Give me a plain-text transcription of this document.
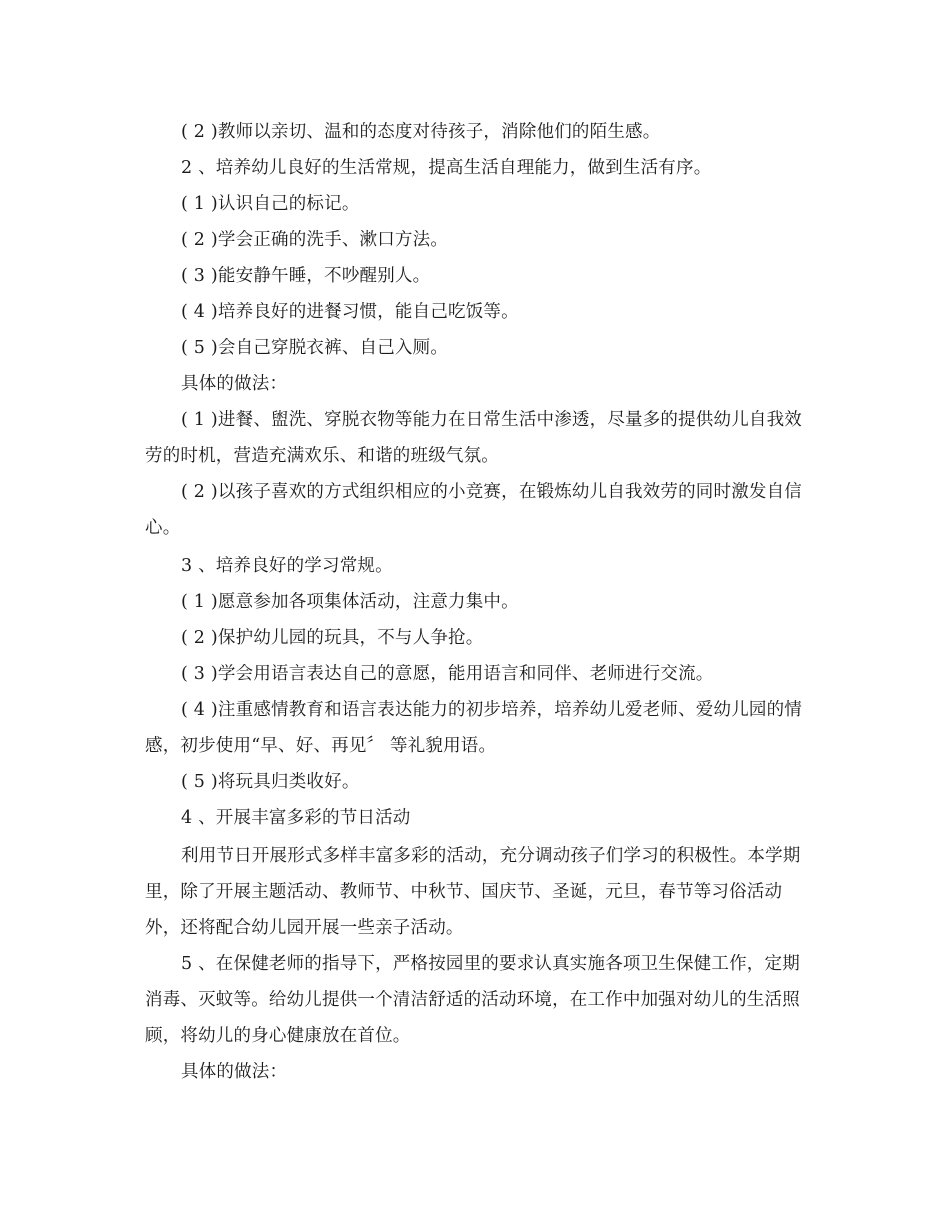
( 2 )教师以亲切、温和的态度对待孩子，消除他们的陌生感。

2 、培养幼儿良好的生活常规，提高生活自理能力，做到生活有序。

( 1 )认识自己的标记。

( 2 )学会正确的洗手、漱口方法。

( 3 )能安静午睡，不吵醒别人。

( 4 )培养良好的进餐习惯，能自己吃饭等。

( 5 )会自己穿脱衣裤、自己入厕。

具体的做法：

( 1 )进餐、盥洗、穿脱衣物等能力在日常生活中渗透，尽量多的提供幼儿自我效劳的时机，营造充满欢乐、和谐的班级气氛。

( 2 )以孩子喜欢的方式组织相应的小竞赛，在锻炼幼儿自我效劳的同时激发自信心。

3 、培养良好的学习常规。

( 1 )愿意参加各项集体活动，注意力集中。

( 2 )保护幼儿园的玩具，不与人争抢。

( 3 )学会用语言表达自己的意愿，能用语言和同伴、老师进行交流。

( 4 )注重感情教育和语言表达能力的初步培养，培养幼儿爱老师、爱幼儿园的情感，初步使用“早、好、再见〞 等礼貌用语。

( 5 )将玩具归类收好。

4 、开展丰富多彩的节日活动

利用节日开展形式多样丰富多彩的活动，充分调动孩子们学习的积极性。本学期里，除了开展主题活动、教师节、中秋节、国庆节、圣诞，元旦，春节等习俗活动外，还将配合幼儿园开展一些亲子活动。

5 、在保健老师的指导下，严格按园里的要求认真实施各项卫生保健工作，定期消毒、灭蚊等。给幼儿提供一个清洁舒适的活动环境，在工作中加强对幼儿的生活照顾，将幼儿的身心健康放在首位。

具体的做法：
